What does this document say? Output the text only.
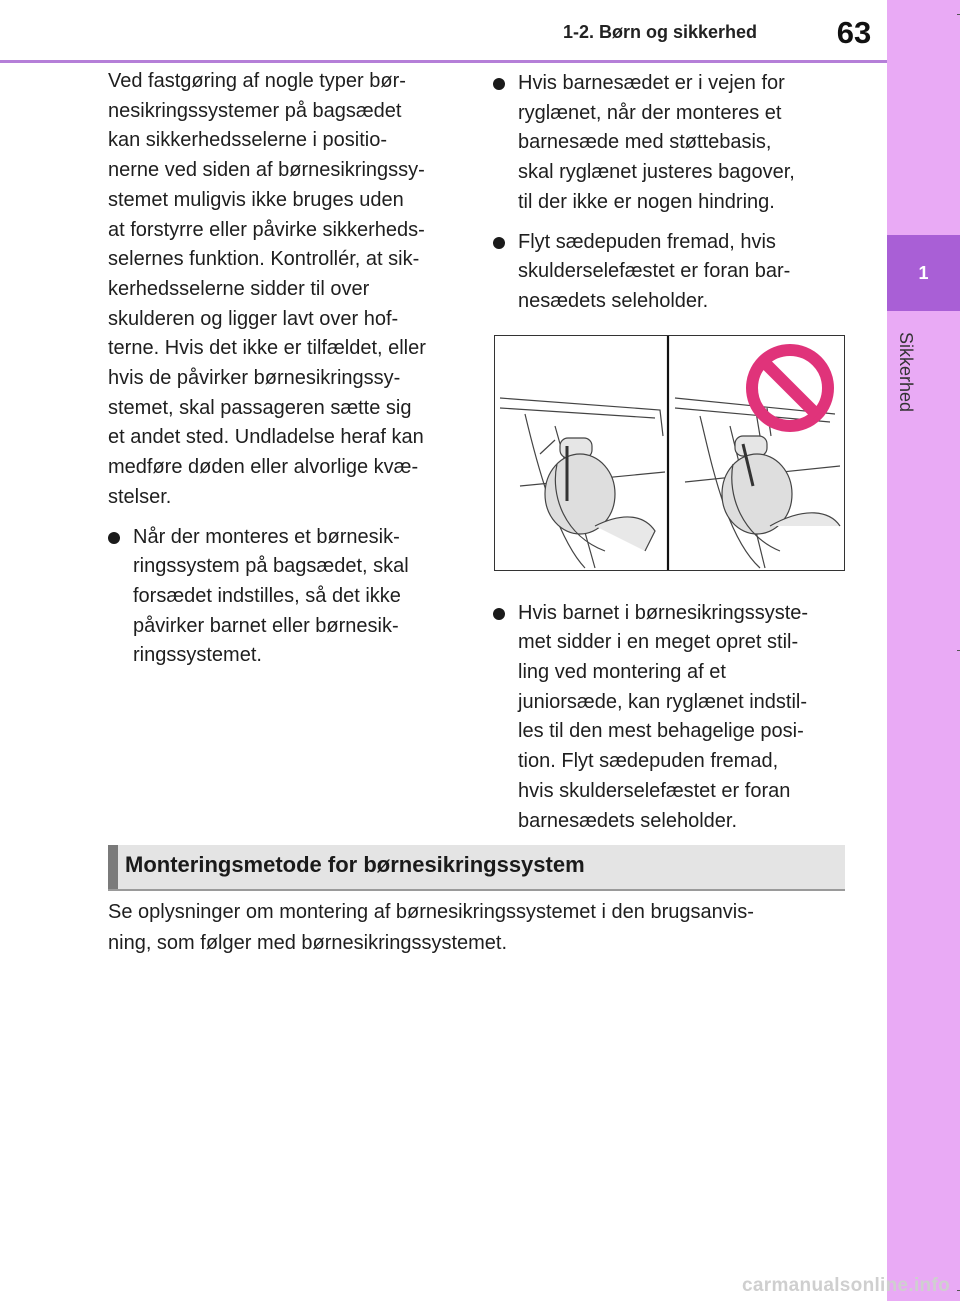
1-2. Børn og sikkerhed	63
1
Sikkerhed

Ved fastgøring af nogle typer bør-
nesikringssystemer på bagsædet
kan sikkerhedsselerne i positio-
nerne ved siden af børnesikringssy-
stemet muligvis ikke bruges uden
at forstyrre eller påvirke sikkerheds-
selernes funktion. Kontrollér, at sik-
kerhedsselerne sidder til over
skulderen og ligger lavt over hof-
terne. Hvis det ikke er tilfældet, eller
hvis de påvirker børnesikringssy-
stemet, skal passageren sætte sig
et andet sted. Undladelse heraf kan
medføre døden eller alvorlige kvæ-
stelser.

Når der monteres et børnesik-
ringssystem på bagsædet, skal
forsædet indstilles, så det ikke
påvirker barnet eller børnesik-
ringssystemet.
Hvis barnesædet er i vejen for
ryglænet, når der monteres et
barnesæde med støttebasis,
skal ryglænet justeres bagover,
til der ikke er nogen hindring.
Flyt sædepuden fremad, hvis
skulderselefæstet er foran bar-
nesædets seleholder.
Hvis barnet i børnesikringssyste-
met sidder i en meget opret stil-
ling ved montering af et
juniorsæde, kan ryglænet indstil-
les til den mest behagelige posi-
tion. Flyt sædepuden fremad,
hvis skulderselefæstet er foran
barnesædets seleholder.
Monteringsmetode for børnesikringssystem

Se oplysninger om montering af børnesikringssystemet i den brugsanvis-
ning, som følger med børnesikringssystemet.

carmanualsonline.info
